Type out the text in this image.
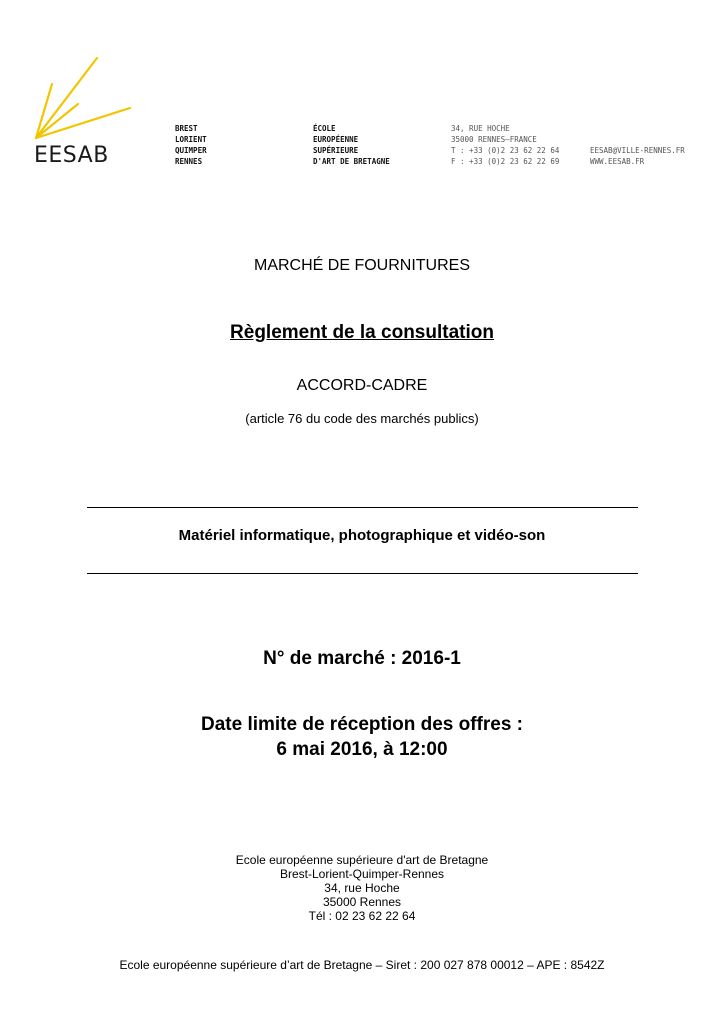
EESAB
BREST
LORIENT
QUIMPER
RENNES
ÉCOLE
EUROPÉENNE
SUPÉRIEURE
D'ART DE BRETAGNE
34, RUE HOCHE
35000 RENNES–FRANCE
T : +33 (0)2 23 62 22 64
F : +33 (0)2 23 62 22 69
EESAB@VILLE-RENNES.FR
WWW.EESAB.FR
MARCHÉ DE FOURNITURES
Règlement de la consultation
ACCORD-CADRE
(article 76 du code des marchés publics)
Matériel informatique, photographique et vidéo-son
N° de marché : 2016-1
Date limite de réception des offres :
6 mai 2016, à 12:00
Ecole européenne supérieure d'art de Bretagne
Brest-Lorient-Quimper-Rennes
34, rue Hoche
35000 Rennes
Tél : 02 23 62 22 64
Ecole européenne supérieure d’art de Bretagne – Siret : 200 027 878 00012 – APE : 8542Z
